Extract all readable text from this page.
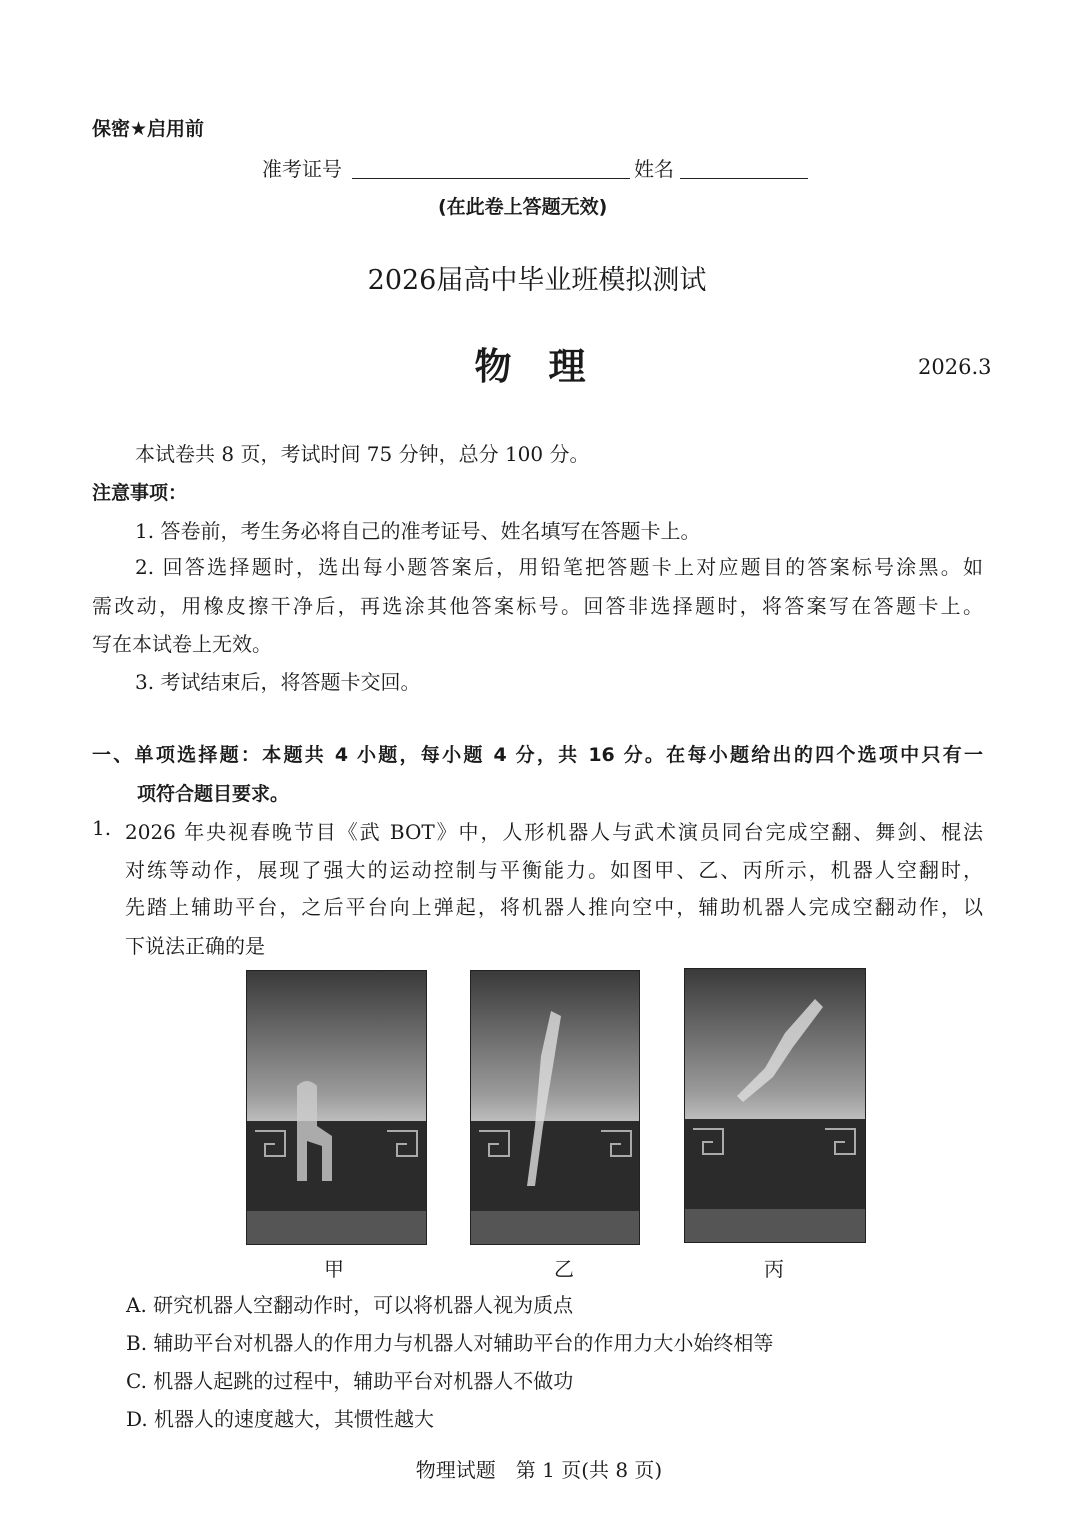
保密★启用前
准考证号	姓名
(在此卷上答题无效)
2026届高中毕业班模拟测试
物　理	2026.3
本试卷共 8 页，考试时间 75 分钟，总分 100 分。
注意事项：
1. 答卷前，考生务必将自己的准考证号、姓名填写在答题卡上。
2. 回答选择题时，选出每小题答案后，用铅笔把答题卡上对应题目的答案标号涂黑。如
需改动，用橡皮擦干净后，再选涂其他答案标号。回答非选择题时，将答案写在答题卡上。
写在本试卷上无效。
3. 考试结束后，将答题卡交回。
一、单项选择题：本题共 4 小题，每小题 4 分，共 16 分。在每小题给出的四个选项中只有一
项符合题目要求。
1. 2026 年央视春晚节目《武 BOT》中，人形机器人与武术演员同台完成空翻、舞剑、棍法
对练等动作，展现了强大的运动控制与平衡能力。如图甲、乙、丙所示，机器人空翻时，
先踏上辅助平台，之后平台向上弹起，将机器人推向空中，辅助机器人完成空翻动作，以
下说法正确的是
甲	乙	丙
A. 研究机器人空翻动作时，可以将机器人视为质点
B. 辅助平台对机器人的作用力与机器人对辅助平台的作用力大小始终相等
C. 机器人起跳的过程中，辅助平台对机器人不做功
D. 机器人的速度越大，其惯性越大
物理试题　第 1 页(共 8 页)
